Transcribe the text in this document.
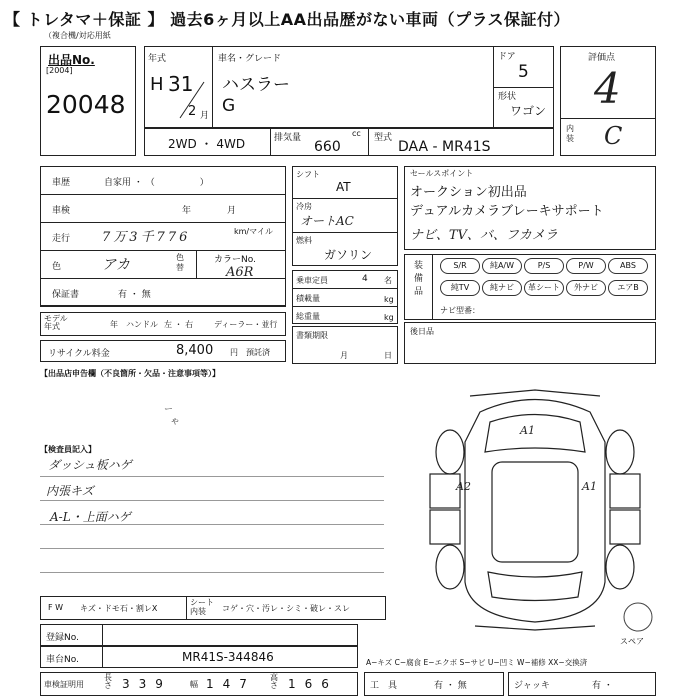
【 トレタマ＋保証 】 過去6ヶ月以上AA出品歴がない車両（プラス保証付）
（複合機/対応用紙
出品No.
[2004]
20048
年式
H 31
2 月
車名・グレード
ハスラー
G
ドア
5
形状
ワゴン
評価点
4
内装 C
2WD ・ 4WD	排気量	cc
660
型式
DAA - MR41S
車歴	自家用 ・ （　　　　　）
車検	年　　　　月
走行 7万3千776	km/マイル
色	アカ	色替
カラーNo.
A6R
保証書	有 ・ 無
モデル年式	年 ハンドル 左 ・ 右	ディーラー・並行
リサイクル料金	8,400 円 預託済
シフト
AT
冷房
オートAC
燃料
ガソリン
乗車定員	4 名
積載量	kg
総重量	kg
書類期限
月	日
セールスポイント
オークション初出品
デュアルカメラブレーキサポート
ナビ、TV、バ、フカメラ
装備品
S/R	純A/W	P/S	P/W	ABS
純TV	純ナビ	革シート	外ナビ	エアB
ナビ型番：
後日品
【出品店申告欄（不良箇所・欠品・注意事項等）】
ー
ゃ
【検査員記入】
ダッシュ板ハゲ
内張キズ
A-L・上面ハゲ
A1
A2	A1
スペア
F W キズ・ドモ石・割レX
シート内装	コゲ・穴・汚レ・シミ・破レ・スレ
登録No.
車台No.	MR41S-344846
車検証明用
長さ 339 幅 147 高さ 166	工　具	有 ・ 無	ジャッキ	有 ・
A−キズ C−腐食 E−エクボ S−サビ U−凹ミ W−補修 XX−交換済
